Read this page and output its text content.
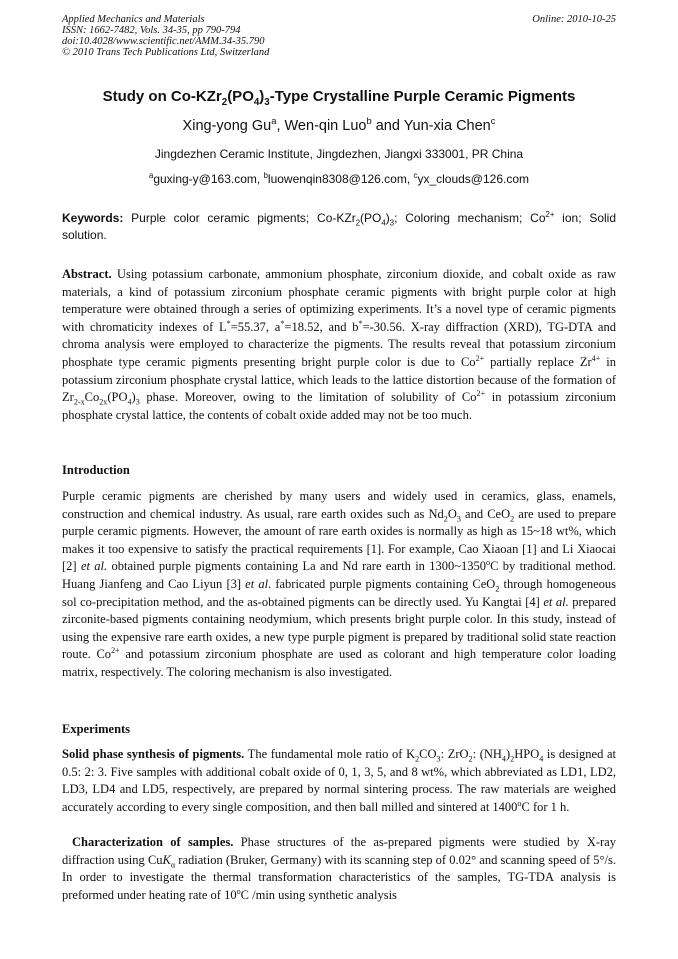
Applied Mechanics and Materials
ISSN: 1662-7482, Vols. 34-35, pp 790-794
doi:10.4028/www.scientific.net/AMM.34-35.790
© 2010 Trans Tech Publications Ltd, Switzerland
Online: 2010-10-25
Study on $Co-KZr_2(PO_4)_3$-Type Crystalline Purple Ceramic Pigments
Xing-yong Gu$^a$, Wen-qin Luo$^b$ and Yun-xia Chen$^c$
Jingdezhen Ceramic Institute, Jingdezhen, Jiangxi 333001, PR China
$^a$guxing-y@163.com, $^b$luowenqin8308@126.com, $^c$yx_clouds@126.com
Keywords: Purple color ceramic pigments; $Co-KZr_2(PO_4)_3$; Coloring mechanism; $Co^{2+}$ ion; Solid solution.
Abstract. Using potassium carbonate, ammonium phosphate, zirconium dioxide, and cobalt oxide as raw materials, a kind of potassium zirconium phosphate ceramic pigments with bright purple color at high temperature were obtained through a series of optimizing experiments. It’s a novel type of ceramic pigments with chromaticity indexes of L*=55.37, a*=18.52, and b*=-30.56. X-ray diffraction (XRD), TG-DTA and chroma analysis were employed to characterize the pigments. The results reveal that potassium zirconium phosphate type ceramic pigments presenting bright purple color is due to $Co^{2+}$ partially replace $Zr^{4+}$ in potassium zirconium phosphate crystal lattice, which leads to the lattice distortion because of the formation of $Zr_{2-x}Co_{2x}(PO_4)_3$ phase. Moreover, owing to the limitation of solubility of $Co^{2+}$ in potassium zirconium phosphate crystal lattice, the contents of cobalt oxide added may not be too much.
Introduction
Purple ceramic pigments are cherished by many users and widely used in ceramics, glass, enamels, construction and chemical industry. As usual, rare earth oxides such as $Nd_2O_3$ and CeO$_2$ are used to prepare purple ceramic pigments. However, the amount of rare earth oxides is normally as high as 15~18 wt%, which makes it too expensive to satisfy the practical requirements [1]. For example, Cao Xiaoan [1] and Li Xiaocai [2] et al. obtained purple pigments containing La and Nd rare earth in 1300~1350$^o$C by traditional method. Huang Jianfeng and Cao Liyun [3] et al. fabricated purple pigments containing CeO$_2$ through homogeneous sol co-precipitation method, and the as-obtained pigments can be directly used. Yu Kangtai [4] et al. prepared zirconite-based pigments containing neodymium, which presents bright purple color. In this study, instead of using the expensive rare earth oxides, a new type purple pigment is prepared by traditional solid state reaction route. $Co^{2+}$ and potassium zirconium phosphate are used as colorant and high temperature color loading matrix, respectively. The coloring mechanism is also investigated.
Experiments
Solid phase synthesis of pigments. The fundamental mole ratio of $K_2CO_3$: ZrO$_2$: $(NH_4)_2HPO_4$ is designed at 0.5: 2: 3. Five samples with additional cobalt oxide of 0, 1, 3, 5, and 8 wt%, which abbreviated as LD1, LD2, LD3, LD4 and LD5, respectively, are prepared by normal sintering process. The raw materials are weighed accurately according to every single composition, and then ball milled and sintered at 1400$^o$C for 1 h.
Characterization of samples. Phase structures of the as-prepared pigments were studied by X-ray diffraction using CuK$_\alpha$ radiation (Bruker, Germany) with its scanning step of 0.02° and scanning speed of 5°/s. In order to investigate the thermal transformation characteristics of the samples, TG-TDA analysis is preformed under heating rate of 10$^o$C /min using synthetic analysis
